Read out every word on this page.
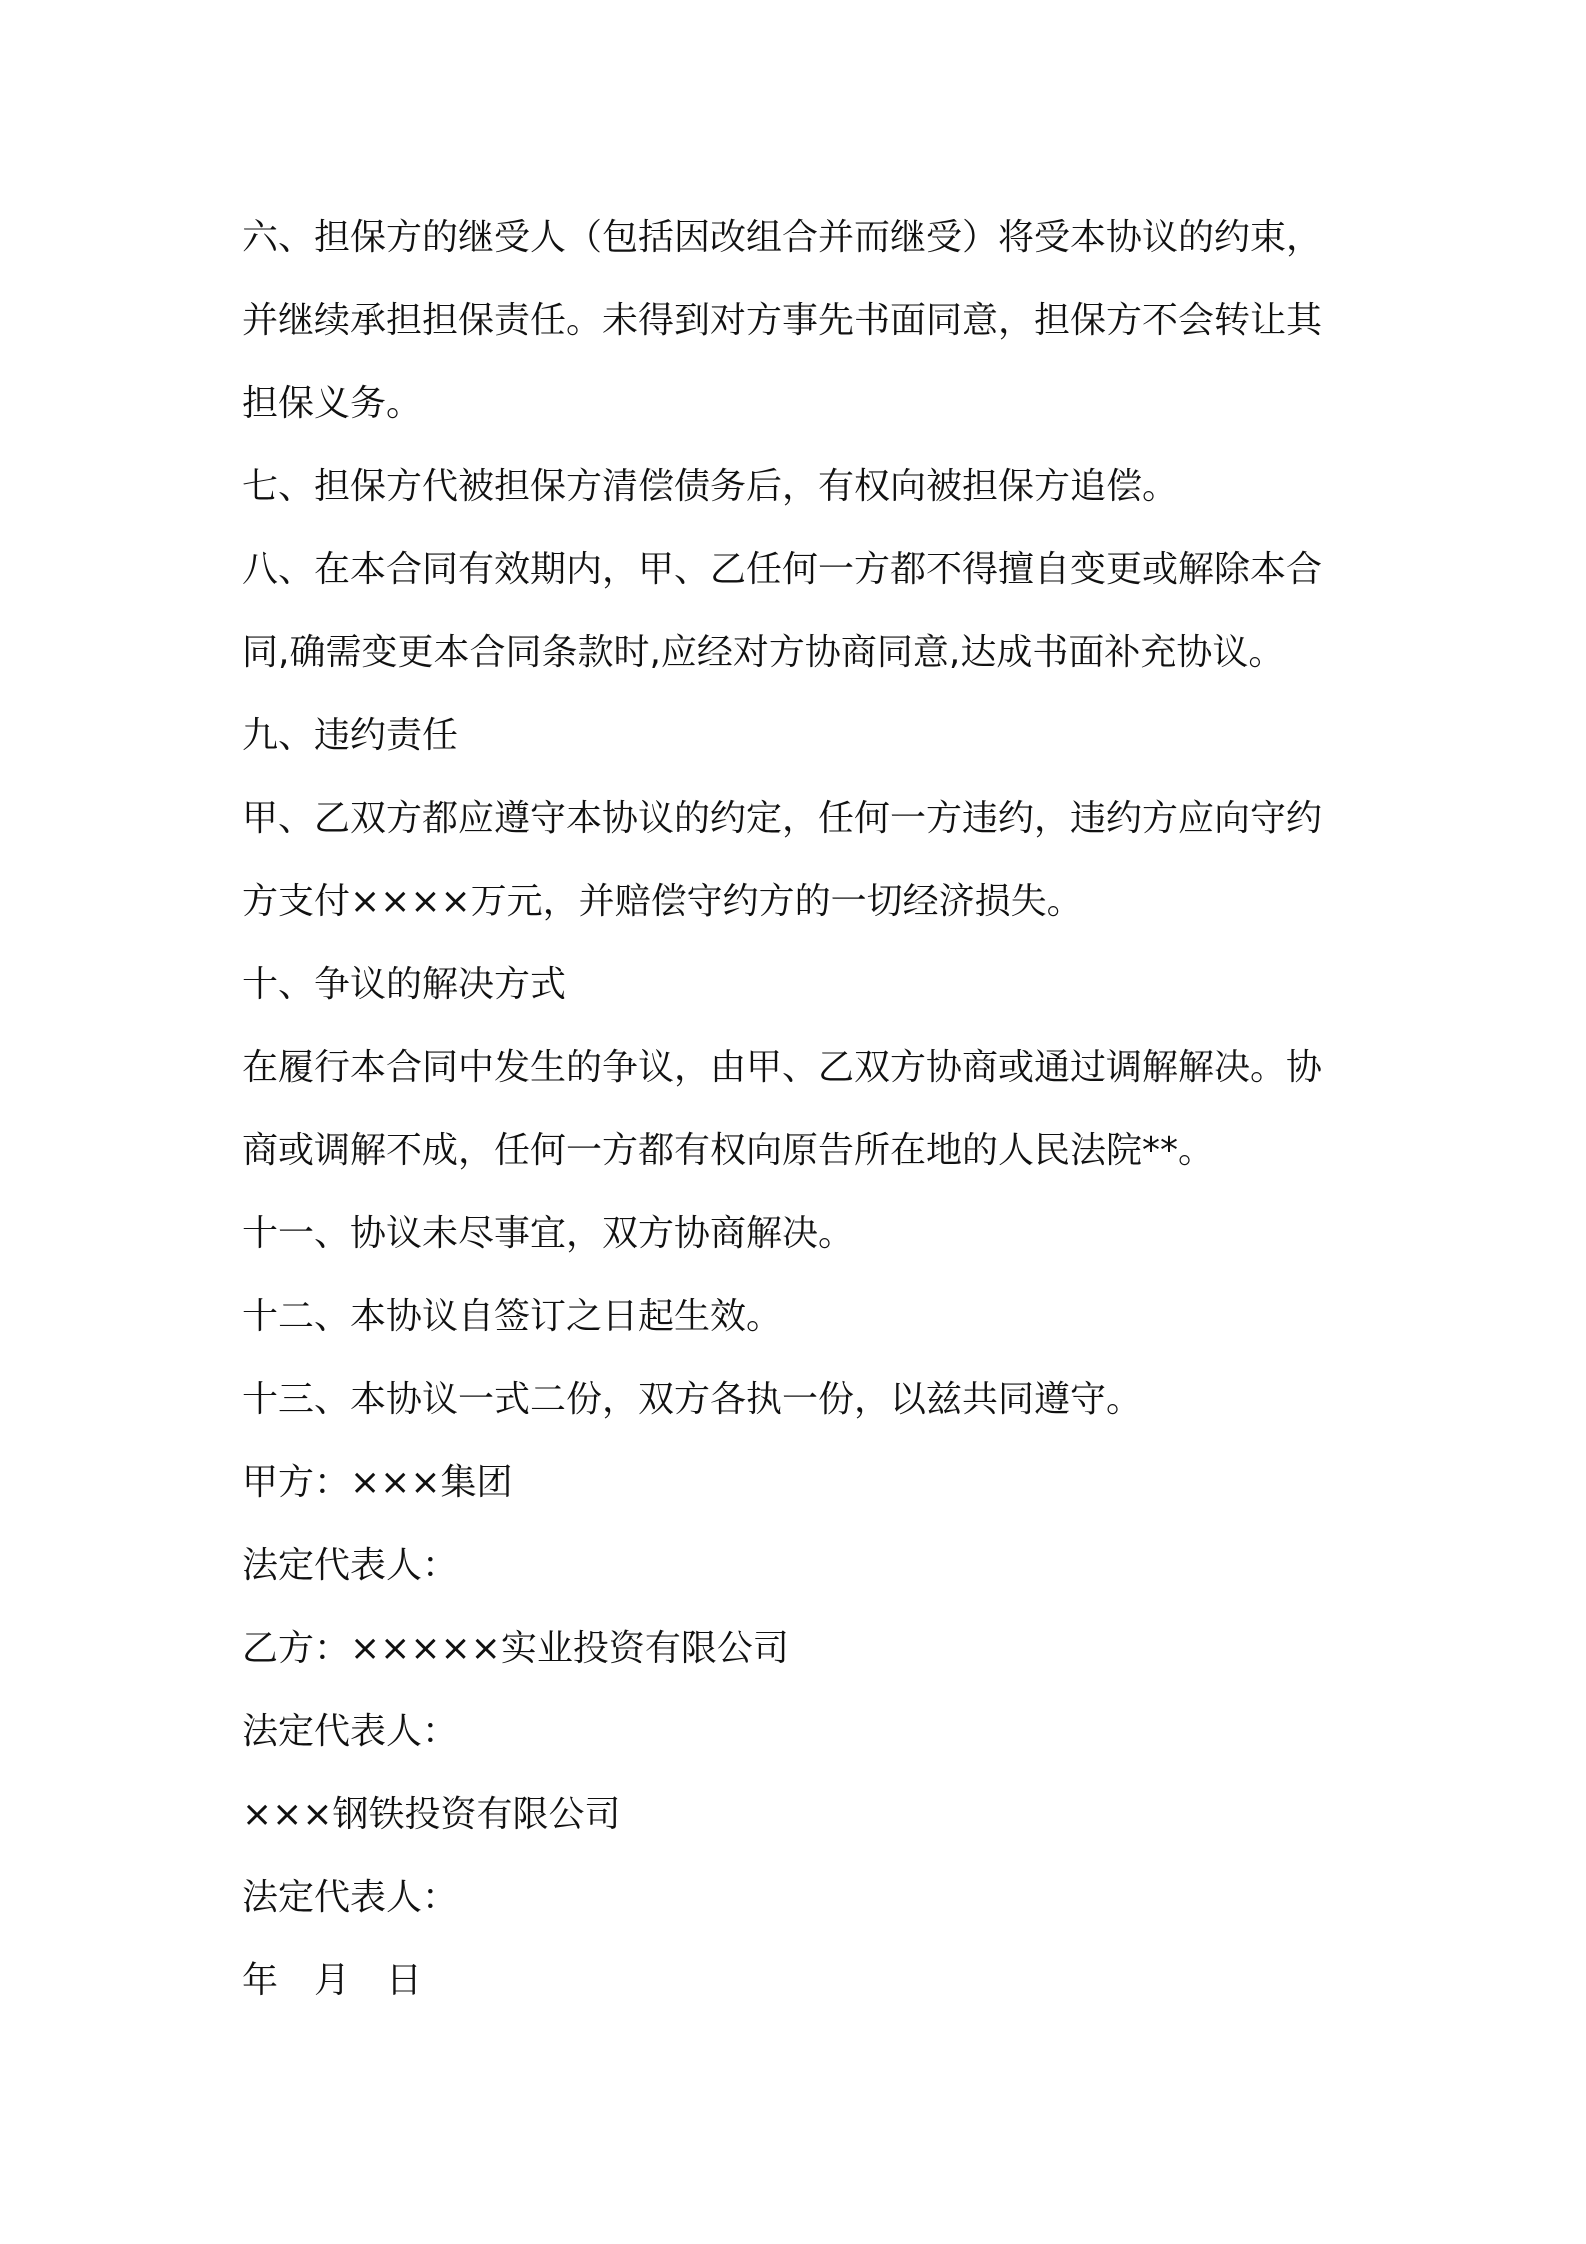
六、担保方的继受人（包括因改组合并而继受）将受本协议的约束，
并继续承担担保责任。未得到对方事先书面同意，担保方不会转让其
担保义务。
七、担保方代被担保方清偿债务后，有权向被担保方追偿。
八、在本合同有效期内，甲、乙任何一方都不得擅自变更或解除本合
同,确需变更本合同条款时,应经对方协商同意,达成书面补充协议。
九、违约责任
甲、乙双方都应遵守本协议的约定，任何一方违约，违约方应向守约
方支付××××万元，并赔偿守约方的一切经济损失。
十、争议的解决方式
在履行本合同中发生的争议，由甲、乙双方协商或通过调解解决。协
商或调解不成，任何一方都有权向原告所在地的人民法院**。
十一、协议未尽事宜，双方协商解决。
十二、本协议自签订之日起生效。
十三、本协议一式二份，双方各执一份，以兹共同遵守。
甲方：×××集团
法定代表人：
乙方：×××××实业投资有限公司
法定代表人：
×××钢铁投资有限公司
法定代表人：
年　月　日
